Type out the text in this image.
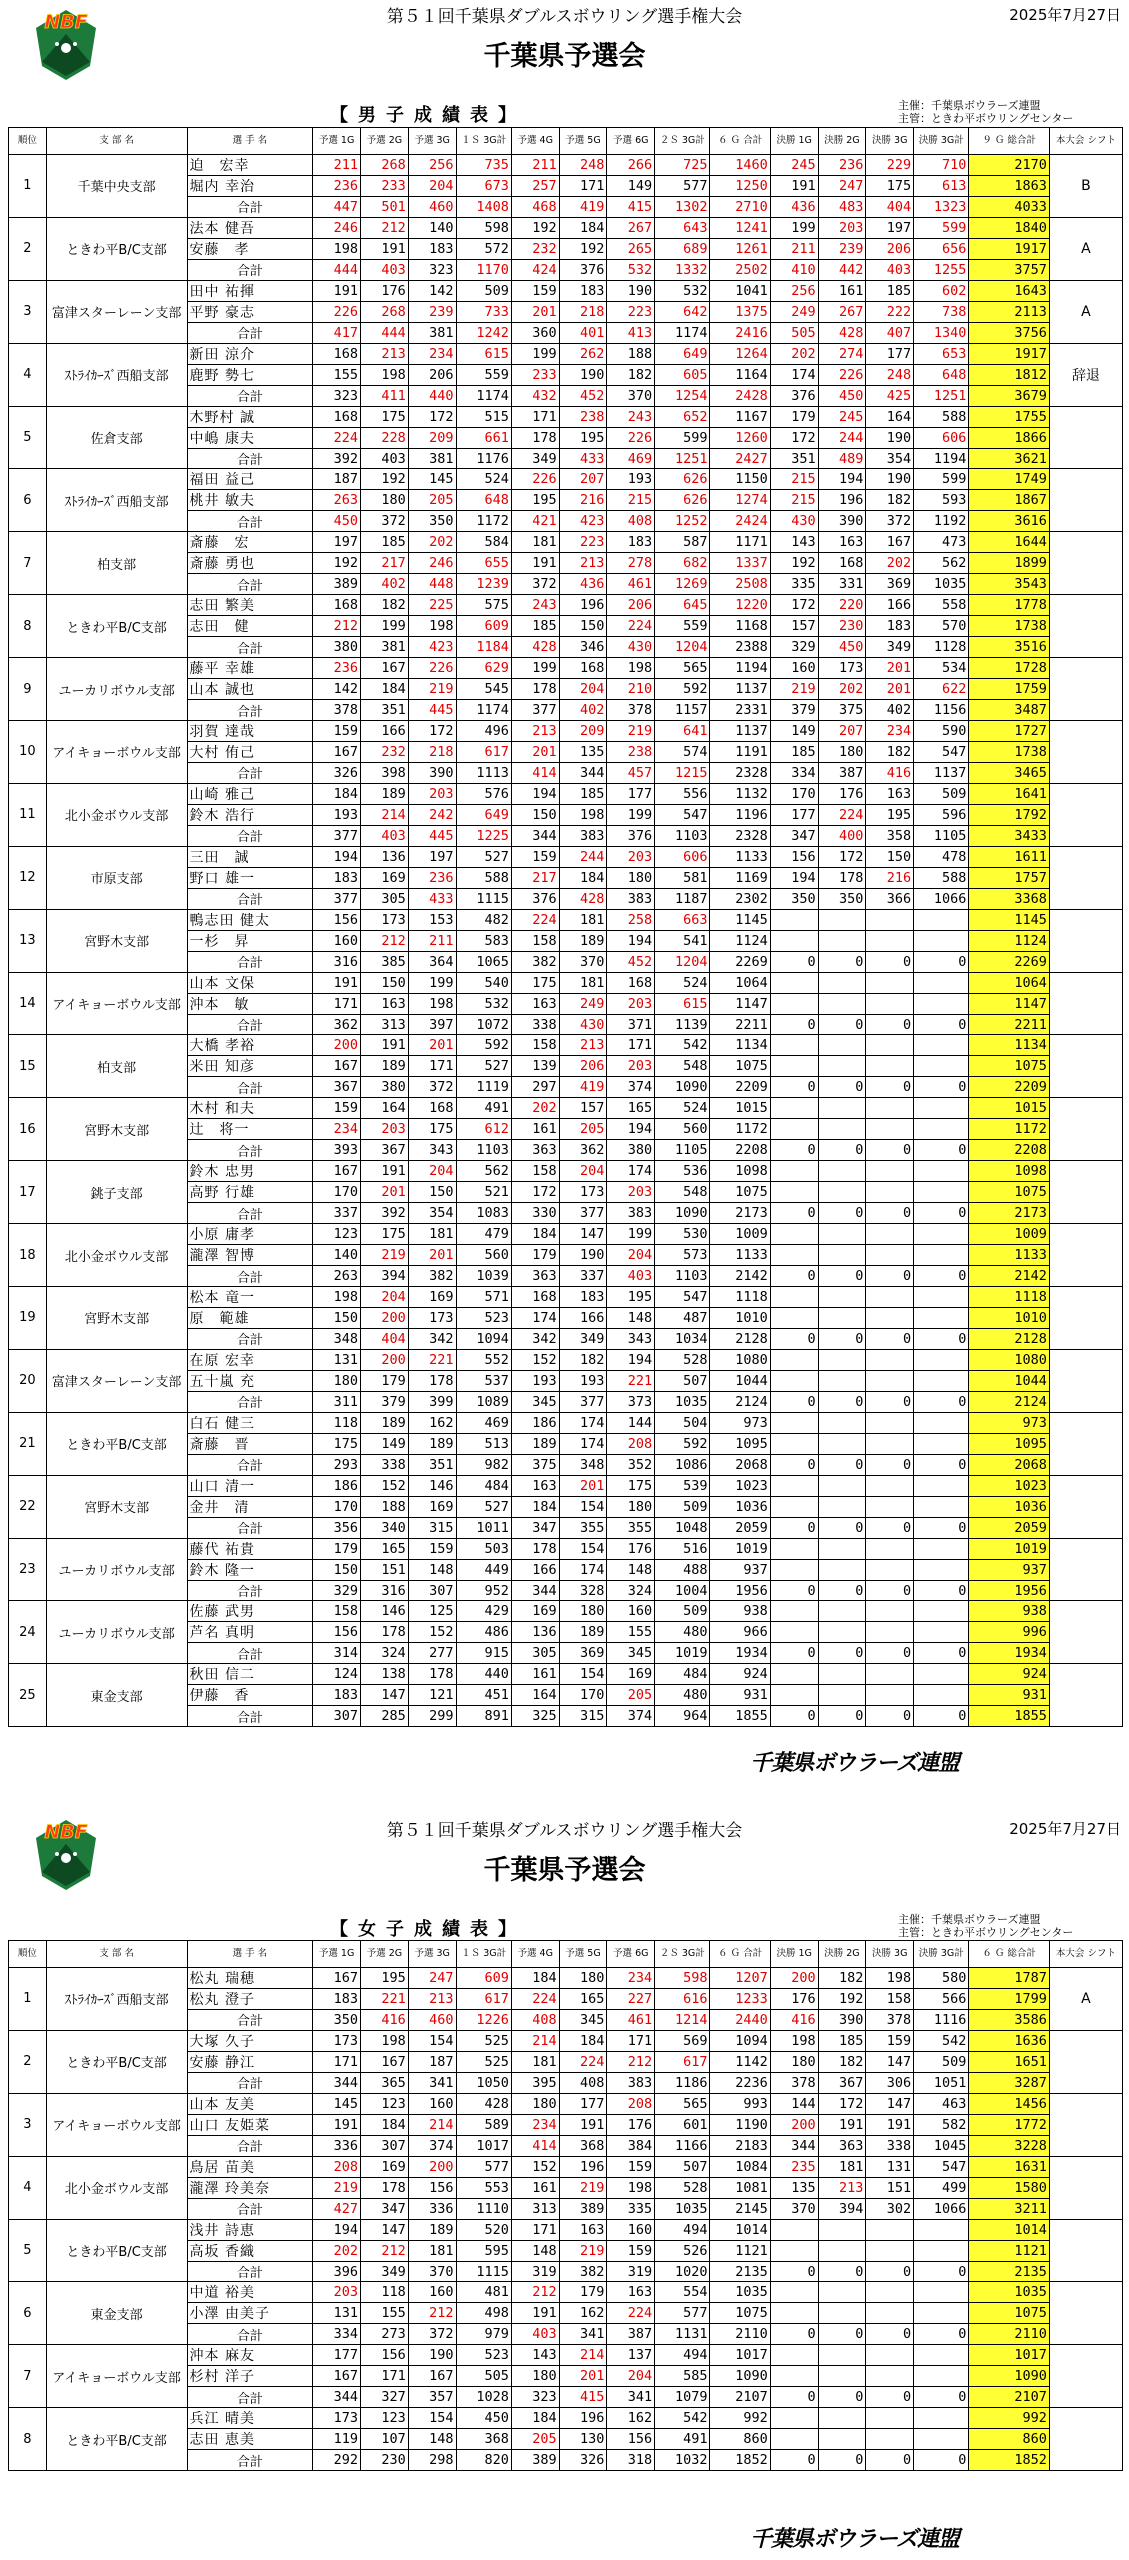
NBF	第５１回千葉県ダブルスボウリング選手権大会	2025年7月27日
千葉県予選会
【男子成績表】	主催：千葉県ボウラーズ連盟
主管：ときわ平ボウリングセンター
順位	支 部 名	選 手 名	予選 1G	予選 2G	予選 3G	１Ｓ 3G計	予選 4G	予選 5G	予選 6G	２Ｓ 3G計	６ Ｇ 合計	決勝 1G	決勝 2G	決勝 3G	決勝 3G計	９ Ｇ 総合計	本大会 シフト
1	千葉中央支部	迫　宏幸	211	268	256	735	211	248	266	725	1460	245	236	229	710	2170	B
		堀内 幸治	236	233	204	673	257	171	149	577	1250	191	247	175	613	1863	
		合計	447	501	460	1408	468	419	415	1302	2710	436	483	404	1323	4033	
2	ときわ平B/C支部	法本 健吾	246	212	140	598	192	184	267	643	1241	199	203	197	599	1840	A
		安藤　孝	198	191	183	572	232	192	265	689	1261	211	239	206	656	1917	
		合計	444	403	323	1170	424	376	532	1332	2502	410	442	403	1255	3757	
3	富津スターレーン支部	田中 祐揮	191	176	142	509	159	183	190	532	1041	256	161	185	602	1643	A
		平野 豪志	226	268	239	733	201	218	223	642	1375	249	267	222	738	2113	
		合計	417	444	381	1242	360	401	413	1174	2416	505	428	407	1340	3756	
4	ｽﾄﾗｲｶｰｽﾞ西船支部	新田 涼介	168	213	234	615	199	262	188	649	1264	202	274	177	653	1917	辞退
		鹿野 勢七	155	198	206	559	233	190	182	605	1164	174	226	248	648	1812	
		合計	323	411	440	1174	432	452	370	1254	2428	376	450	425	1251	3679	
5	佐倉支部	木野村 誠	168	175	172	515	171	238	243	652	1167	179	245	164	588	1755	
		中嶋 康夫	224	228	209	661	178	195	226	599	1260	172	244	190	606	1866	
		合計	392	403	381	1176	349	433	469	1251	2427	351	489	354	1194	3621	
6	ｽﾄﾗｲｶｰｽﾞ西船支部	福田 益己	187	192	145	524	226	207	193	626	1150	215	194	190	599	1749	
		桃井 敏夫	263	180	205	648	195	216	215	626	1274	215	196	182	593	1867	
		合計	450	372	350	1172	421	423	408	1252	2424	430	390	372	1192	3616	
7	柏支部	斎藤　宏	197	185	202	584	181	223	183	587	1171	143	163	167	473	1644	
		斎藤 勇也	192	217	246	655	191	213	278	682	1337	192	168	202	562	1899	
		合計	389	402	448	1239	372	436	461	1269	2508	335	331	369	1035	3543	
8	ときわ平B/C支部	志田 繁美	168	182	225	575	243	196	206	645	1220	172	220	166	558	1778	
		志田　健	212	199	198	609	185	150	224	559	1168	157	230	183	570	1738	
		合計	380	381	423	1184	428	346	430	1204	2388	329	450	349	1128	3516	
9	ユーカリボウル支部	藤平 幸雄	236	167	226	629	199	168	198	565	1194	160	173	201	534	1728	
		山本 誠也	142	184	219	545	178	204	210	592	1137	219	202	201	622	1759	
		合計	378	351	445	1174	377	402	378	1157	2331	379	375	402	1156	3487	
10	アイキョーボウル支部	羽賀 達哉	159	166	172	496	213	209	219	641	1137	149	207	234	590	1727	
		大村 侑己	167	232	218	617	201	135	238	574	1191	185	180	182	547	1738	
		合計	326	398	390	1113	414	344	457	1215	2328	334	387	416	1137	3465	
11	北小金ボウル支部	山崎 雅己	184	189	203	576	194	185	177	556	1132	170	176	163	509	1641	
		鈴木 浩行	193	214	242	649	150	198	199	547	1196	177	224	195	596	1792	
		合計	377	403	445	1225	344	383	376	1103	2328	347	400	358	1105	3433	
12	市原支部	三田　誠	194	136	197	527	159	244	203	606	1133	156	172	150	478	1611	
		野口 雄一	183	169	236	588	217	184	180	581	1169	194	178	216	588	1757	
		合計	377	305	433	1115	376	428	383	1187	2302	350	350	366	1066	3368	
13	宮野木支部	鴨志田 健太	156	173	153	482	224	181	258	663	1145					1145	
		一杉　昇	160	212	211	583	158	189	194	541	1124					1124	
		合計	316	385	364	1065	382	370	452	1204	2269	0	0	0	0	2269	
14	アイキョーボウル支部	山本 文保	191	150	199	540	175	181	168	524	1064					1064	
		沖本　敏	171	163	198	532	163	249	203	615	1147					1147	
		合計	362	313	397	1072	338	430	371	1139	2211	0	0	0	0	2211	
15	柏支部	大橋 孝裕	200	191	201	592	158	213	171	542	1134					1134	
		米田 知彦	167	189	171	527	139	206	203	548	1075					1075	
		合計	367	380	372	1119	297	419	374	1090	2209	0	0	0	0	2209	
16	宮野木支部	木村 和夫	159	164	168	491	202	157	165	524	1015					1015	
		辻　将一	234	203	175	612	161	205	194	560	1172					1172	
		合計	393	367	343	1103	363	362	380	1105	2208	0	0	0	0	2208	
17	銚子支部	鈴木 忠男	167	191	204	562	158	204	174	536	1098					1098	
		高野 行雄	170	201	150	521	172	173	203	548	1075					1075	
		合計	337	392	354	1083	330	377	383	1090	2173	0	0	0	0	2173	
18	北小金ボウル支部	小原 庸孝	123	175	181	479	184	147	199	530	1009					1009	
		瀧澤 智博	140	219	201	560	179	190	204	573	1133					1133	
		合計	263	394	382	1039	363	337	403	1103	2142	0	0	0	0	2142	
19	宮野木支部	松本 竜一	198	204	169	571	168	183	195	547	1118					1118	
		原　範雄	150	200	173	523	174	166	148	487	1010					1010	
		合計	348	404	342	1094	342	349	343	1034	2128	0	0	0	0	2128	
20	富津スターレーン支部	在原 宏幸	131	200	221	552	152	182	194	528	1080					1080	
		五十嵐 充	180	179	178	537	193	193	221	507	1044					1044	
		合計	311	379	399	1089	345	377	373	1035	2124	0	0	0	0	2124	
21	ときわ平B/C支部	白石 健三	118	189	162	469	186	174	144	504	973					973	
		斎藤　晋	175	149	189	513	189	174	208	592	1095					1095	
		合計	293	338	351	982	375	348	352	1086	2068	0	0	0	0	2068	
22	宮野木支部	山口 清一	186	152	146	484	163	201	175	539	1023					1023	
		金井　清	170	188	169	527	184	154	180	509	1036					1036	
		合計	356	340	315	1011	347	355	355	1048	2059	0	0	0	0	2059	
23	ユーカリボウル支部	藤代 祐貴	179	165	159	503	178	154	176	516	1019					1019	
		鈴木 隆一	150	151	148	449	166	174	148	488	937					937	
		合計	329	316	307	952	344	328	324	1004	1956	0	0	0	0	1956	
24	ユーカリボウル支部	佐藤 武男	158	146	125	429	169	180	160	509	938					938	
		芦名 真明	156	178	152	486	136	189	155	480	966					996	
		合計	314	324	277	915	305	369	345	1019	1934	0	0	0	0	1934	
25	東金支部	秋田 信二	124	138	178	440	161	154	169	484	924					924	
		伊藤　香	183	147	121	451	164	170	205	480	931					931	
		合計	307	285	299	891	325	315	374	964	1855	0	0	0	0	1855	
千葉県ボウラーズ連盟
NBF	第５１回千葉県ダブルスボウリング選手権大会	2025年7月27日
千葉県予選会
【女子成績表】	主催：千葉県ボウラーズ連盟
主管：ときわ平ボウリングセンター
順位	支 部 名	選 手 名	予選 1G	予選 2G	予選 3G	１Ｓ 3G計	予選 4G	予選 5G	予選 6G	２Ｓ 3G計	６ Ｇ 合計	決勝 1G	決勝 2G	決勝 3G	決勝 3G計	６ Ｇ 総合計	本大会 シフト
1	ｽﾄﾗｲｶｰｽﾞ西船支部	松丸 瑞穂	167	195	247	609	184	180	234	598	1207	200	182	198	580	1787	A
		松丸 澄子	183	221	213	617	224	165	227	616	1233	176	192	158	566	1799	
		合計	350	416	460	1226	408	345	461	1214	2440	416	390	378	1116	3586	
2	ときわ平B/C支部	大塚 久子	173	198	154	525	214	184	171	569	1094	198	185	159	542	1636	
		安藤 静江	171	167	187	525	181	224	212	617	1142	180	182	147	509	1651	
		合計	344	365	341	1050	395	408	383	1186	2236	378	367	306	1051	3287	
3	アイキョーボウル支部	山本 友美	145	123	160	428	180	177	208	565	993	144	172	147	463	1456	
		山口 友姫菜	191	184	214	589	234	191	176	601	1190	200	191	191	582	1772	
		合計	336	307	374	1017	414	368	384	1166	2183	344	363	338	1045	3228	
4	北小金ボウル支部	鳥居 苗美	208	169	200	577	152	196	159	507	1084	235	181	131	547	1631	
		瀧澤 玲美奈	219	178	156	553	161	219	198	528	1081	135	213	151	499	1580	
		合計	427	347	336	1110	313	389	335	1035	2145	370	394	302	1066	3211	
5	ときわ平B/C支部	浅井 詩恵	194	147	189	520	171	163	160	494	1014					1014	
		高坂 香織	202	212	181	595	148	219	159	526	1121					1121	
		合計	396	349	370	1115	319	382	319	1020	2135	0	0	0	0	2135	
6	東金支部	中道 裕美	203	118	160	481	212	179	163	554	1035					1035	
		小澤 由美子	131	155	212	498	191	162	224	577	1075					1075	
		合計	334	273	372	979	403	341	387	1131	2110	0	0	0	0	2110	
7	アイキョーボウル支部	沖本 麻友	177	156	190	523	143	214	137	494	1017					1017	
		杉村 洋子	167	171	167	505	180	201	204	585	1090					1090	
		合計	344	327	357	1028	323	415	341	1079	2107	0	0	0	0	2107	
8	ときわ平B/C支部	兵江 晴美	173	123	154	450	184	196	162	542	992					992	
		志田 恵美	119	107	148	368	205	130	156	491	860					860	
		合計	292	230	298	820	389	326	318	1032	1852	0	0	0	0	1852	
千葉県ボウラーズ連盟
